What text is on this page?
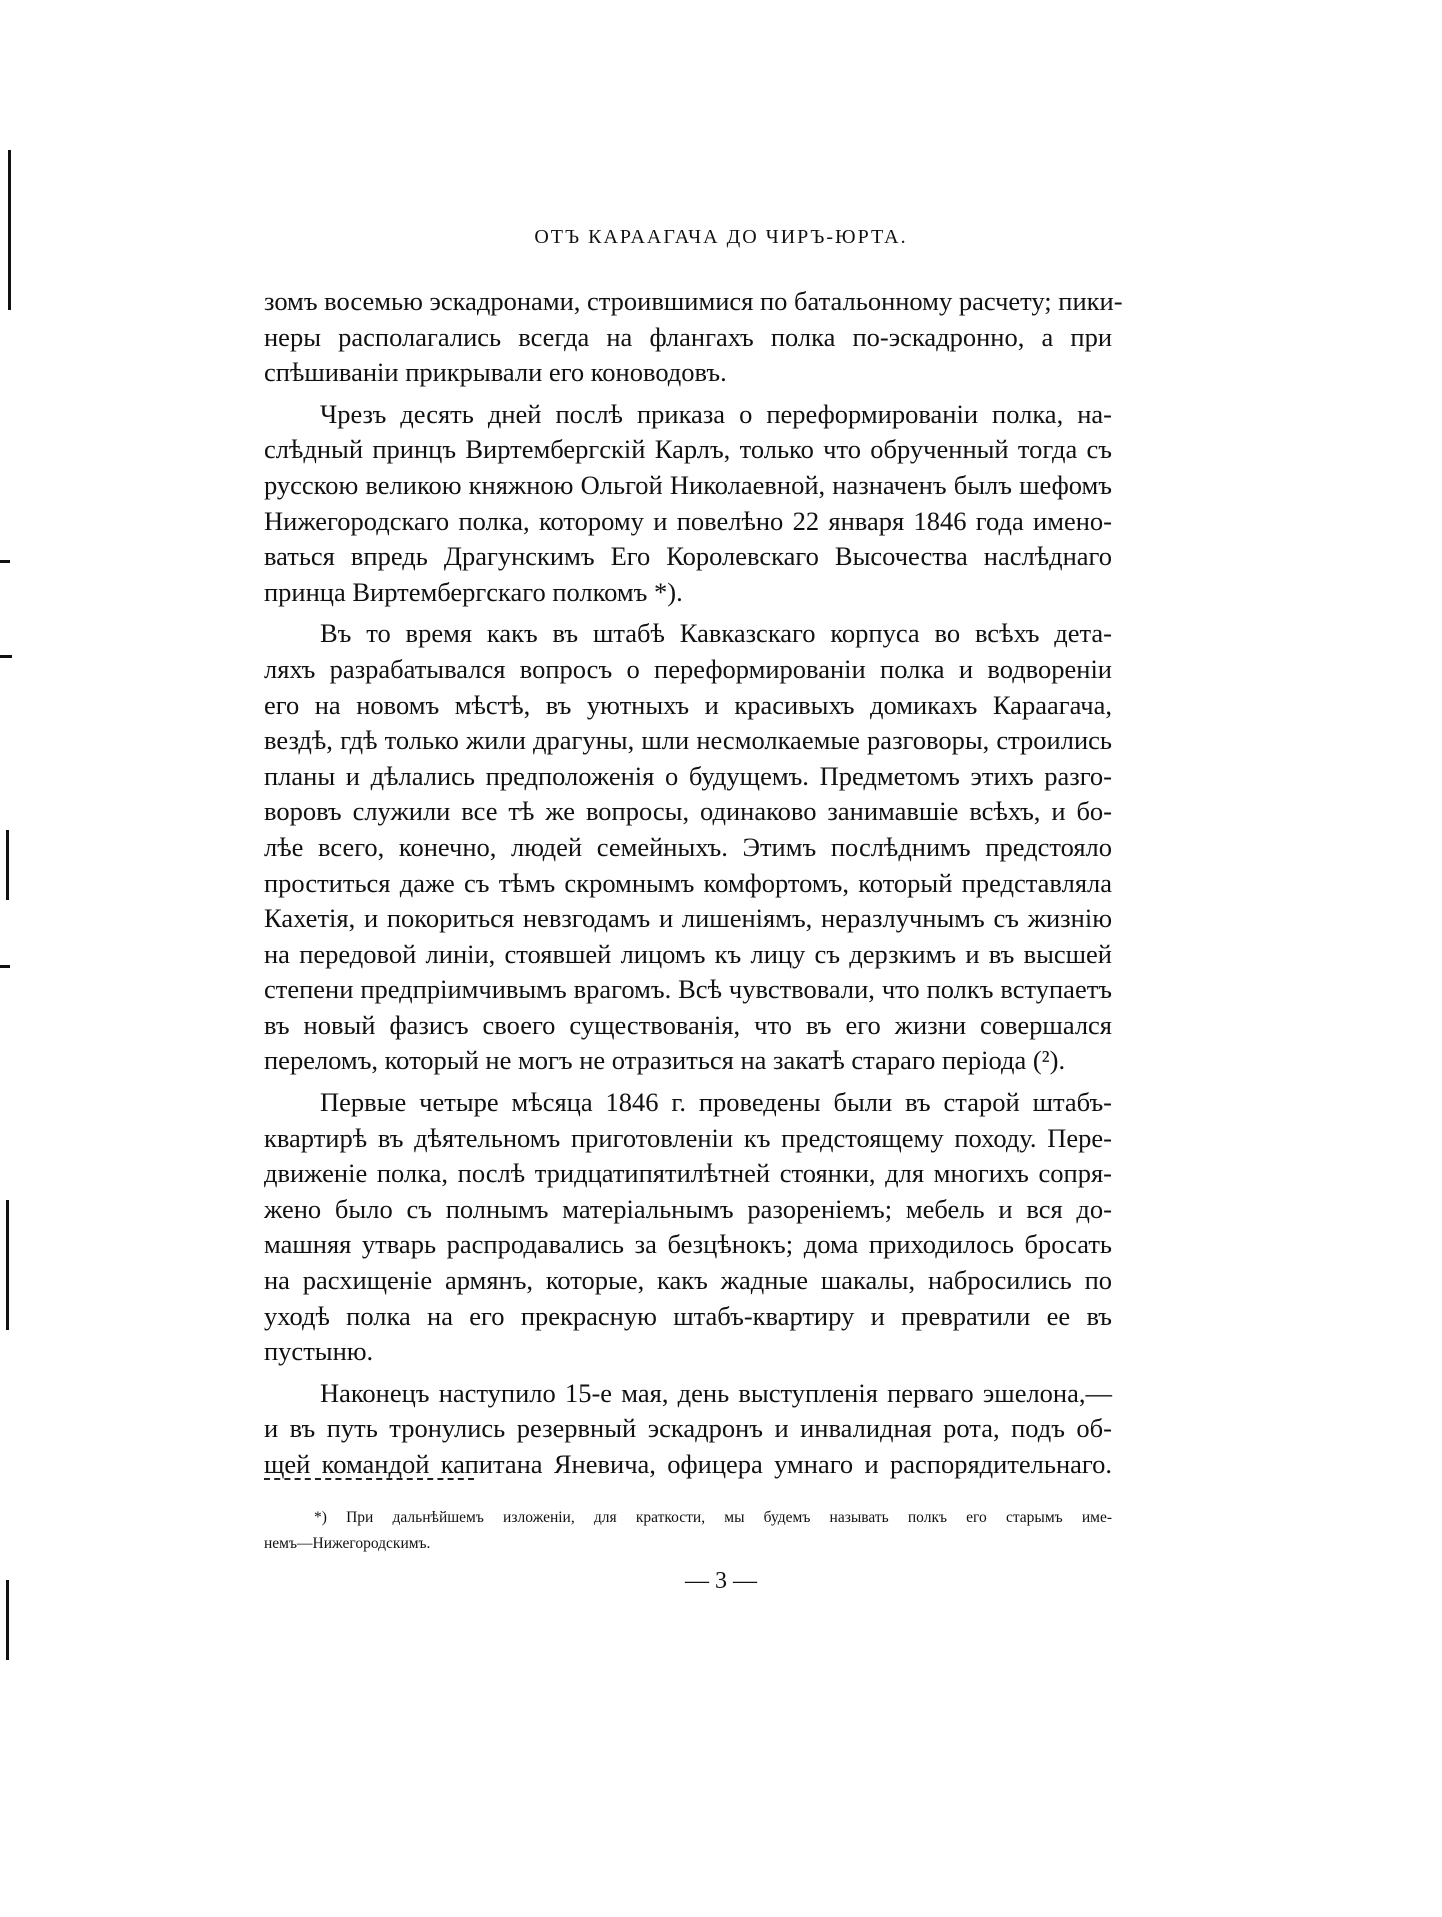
ОТЪ КАРААГАЧА ДО ЧИРЪ-ЮРТА.
зомъ восемью эскадронами, строившимися по батальонному расчету; пики-
неры располагались всегда на флангахъ полка по-эскадронно, а при
спѣшиваніи прикрывали его коноводовъ.
Чрезъ десять дней послѣ приказа о переформированіи полка, на-
слѣдный принцъ Виртембергскій Карлъ, только что обрученный тогда съ
русскою великою княжною Ольгой Николаевной, назначенъ былъ шефомъ
Нижегородскаго полка, которому и повелѣно 22 января 1846 года имено-
ваться впредь Драгунскимъ Его Королевскаго Высочества наслѣднаго
принца Виртембергскаго полкомъ *).
Въ то время какъ въ штабѣ Кавказскаго корпуса во всѣхъ дета-
ляхъ разрабатывался вопросъ о переформированіи полка и водвореніи
его на новомъ мѣстѣ, въ уютныхъ и красивыхъ домикахъ Караагача,
вездѣ, гдѣ только жили драгуны, шли несмолкаемые разговоры, строились
планы и дѣлались предположенія о будущемъ. Предметомъ этихъ разго-
воровъ служили все тѣ же вопросы, одинаково занимавшіе всѣхъ, и бо-
лѣе всего, конечно, людей семейныхъ. Этимъ послѣднимъ предстояло
проститься даже съ тѣмъ скромнымъ комфортомъ, который представляла
Кахетія, и покориться невзгодамъ и лишеніямъ, неразлучнымъ съ жизнію
на передовой линіи, стоявшей лицомъ къ лицу съ дерзкимъ и въ высшей
степени предпріимчивымъ врагомъ. Всѣ чувствовали, что полкъ вступаетъ
въ новый фазисъ своего существованія, что въ его жизни совершался
переломъ, который не могъ не отразиться на закатѣ стараго періода (²).
Первые четыре мѣсяца 1846 г. проведены были въ старой штабъ-
квартирѣ въ дѣятельномъ приготовленіи къ предстоящему походу. Пере-
движеніе полка, послѣ тридцатипятилѣтней стоянки, для многихъ сопря-
жено было съ полнымъ матеріальнымъ разореніемъ; мебель и вся до-
машняя утварь распродавались за безцѣнокъ; дома приходилось бросать
на расхищеніе армянъ, которые, какъ жадные шакалы, набросились по
уходѣ полка на его прекрасную штабъ-квартиру и превратили ее въ
пустыню.
Наконецъ наступило 15-е мая, день выступленія перваго эшелона,—
и въ путь тронулись резервный эскадронъ и инвалидная рота, подъ об-
щей командой капитана Яневича, офицера умнаго и распорядительнаго.
*) При дальнѣйшемъ изложеніи, для краткости, мы будемъ называть полкъ его старымъ име-
немъ—Нижегородскимъ.
— 3 —
